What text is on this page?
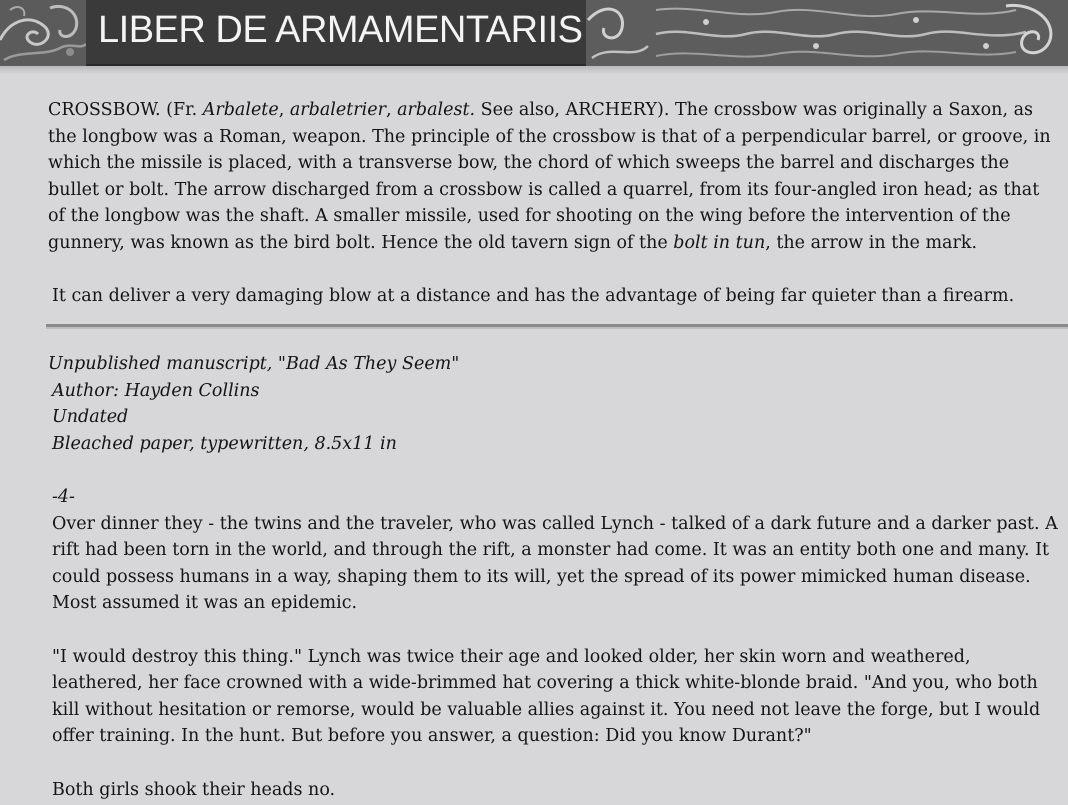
LIBER DE ARMAMENTARIIS

CROSSBOW. (Fr. Arbalete, arbaletrier, arbalest. See also, ARCHERY). The crossbow was originally a Saxon, as the longbow was a Roman, weapon. The principle of the crossbow is that of a perpendicular barrel, or groove, in which the missile is placed, with a transverse bow, the chord of which sweeps the barrel and discharges the bullet or bolt. The arrow discharged from a crossbow is called a quarrel, from its four-angled iron head; as that of the longbow was the shaft. A smaller missile, used for shooting on the wing before the intervention of the gunnery, was known as the bird bolt. Hence the old tavern sign of the bolt in tun, the arrow in the mark.

It can deliver a very damaging blow at a distance and has the advantage of being far quieter than a firearm.

Unpublished manuscript, "Bad As They Seem"

Author: Hayden Collins

Undated

Bleached paper, typewritten, 8.5x11 in

-4-

Over dinner they - the twins and the traveler, who was called Lynch - talked of a dark future and a darker past. A rift had been torn in the world, and through the rift, a monster had come. It was an entity both one and many. It could possess humans in a way, shaping them to its will, yet the spread of its power mimicked human disease. Most assumed it was an epidemic.

"I would destroy this thing." Lynch was twice their age and looked older, her skin worn and weathered, leathered, her face crowned with a wide-brimmed hat covering a thick white-blonde braid. "And you, who both kill without hesitation or remorse, would be valuable allies against it. You need not leave the forge, but I would offer training. In the hunt. But before you answer, a question: Did you know Durant?"

Both girls shook their heads no.
